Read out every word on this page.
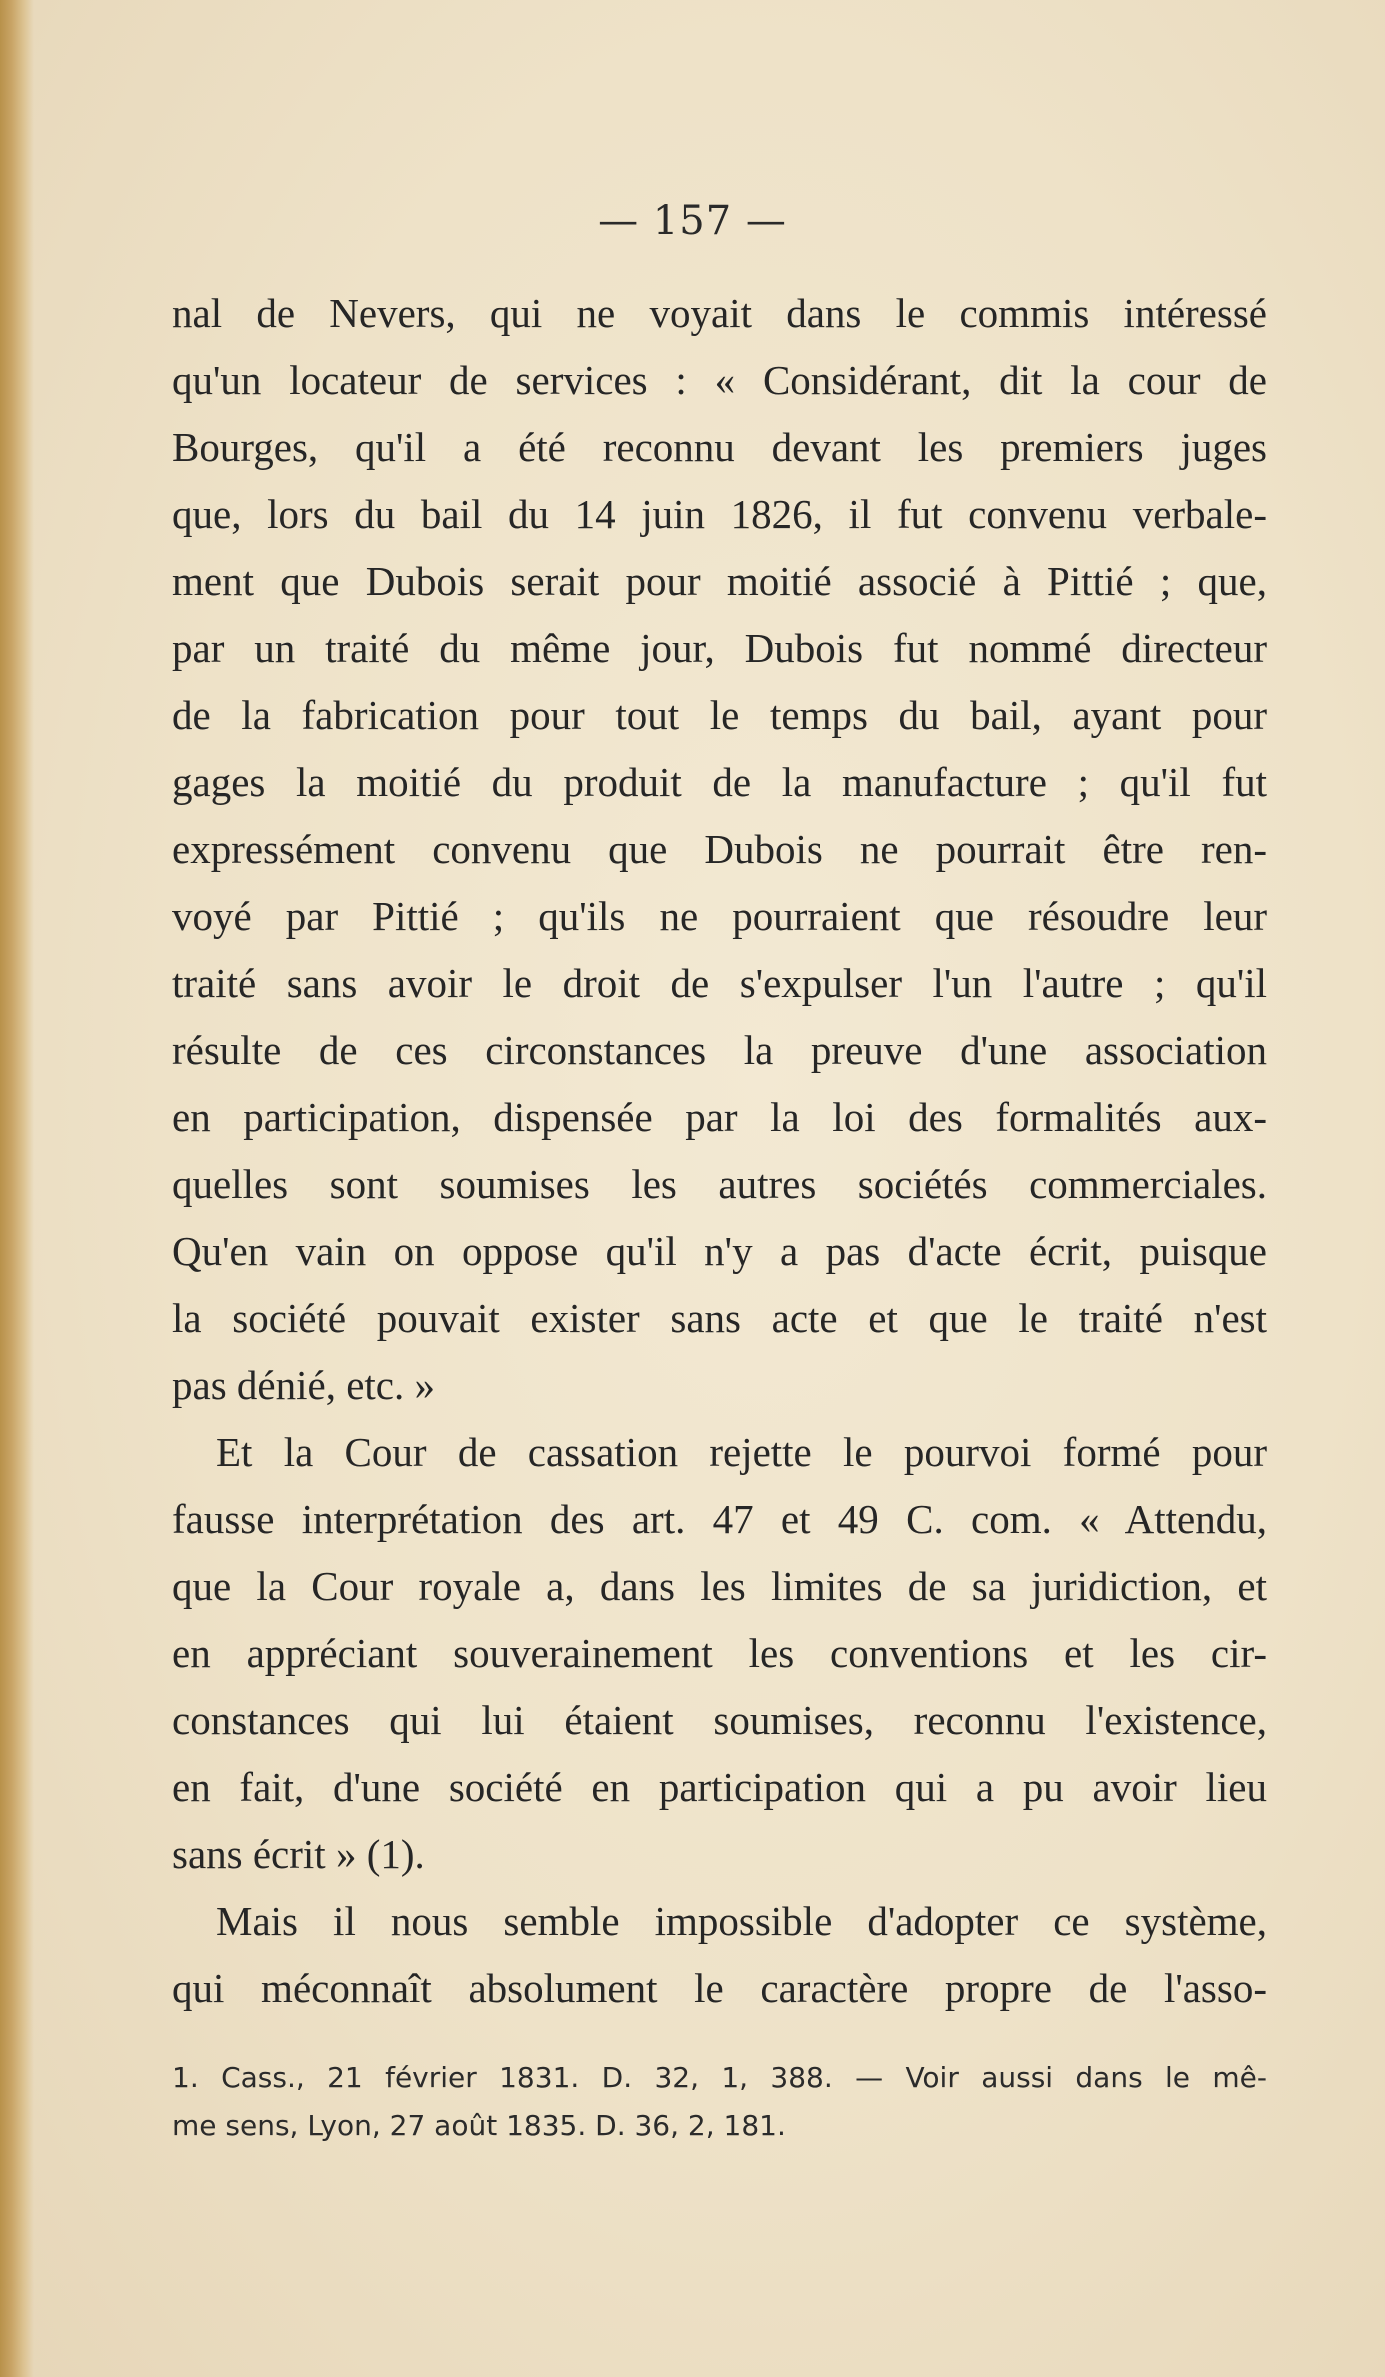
— 157 —
nal de Nevers, qui ne voyait dans le commis intéressé
qu'un locateur de services : « Considérant, dit la cour de
Bourges, qu'il a été reconnu devant les premiers juges
que, lors du bail du 14 juin 1826, il fut convenu verbale-
ment que Dubois serait pour moitié associé à Pittié ; que,
par un traité du même jour, Dubois fut nommé directeur
de la fabrication pour tout le temps du bail, ayant pour
gages la moitié du produit de la manufacture ; qu'il fut
expressément convenu que Dubois ne pourrait être ren-
voyé par Pittié ; qu'ils ne pourraient que résoudre leur
traité sans avoir le droit de s'expulser l'un l'autre ; qu'il
résulte de ces circonstances la preuve d'une association
en participation, dispensée par la loi des formalités aux-
quelles sont soumises les autres sociétés commerciales.
Qu'en vain on oppose qu'il n'y a pas d'acte écrit, puisque
la société pouvait exister sans acte et que le traité n'est
pas dénié, etc. »
Et la Cour de cassation rejette le pourvoi formé pour
fausse interprétation des art. 47 et 49 C. com. « Attendu,
que la Cour royale a, dans les limites de sa juridiction, et
en appréciant souverainement les conventions et les cir-
constances qui lui étaient soumises, reconnu l'existence,
en fait, d'une société en participation qui a pu avoir lieu
sans écrit » (1).
Mais il nous semble impossible d'adopter ce système,
qui méconnaît absolument le caractère propre de l'asso-
1. Cass., 21 février 1831. D. 32, 1, 388. — Voir aussi dans le mê-
me sens, Lyon, 27 août 1835. D. 36, 2, 181.
